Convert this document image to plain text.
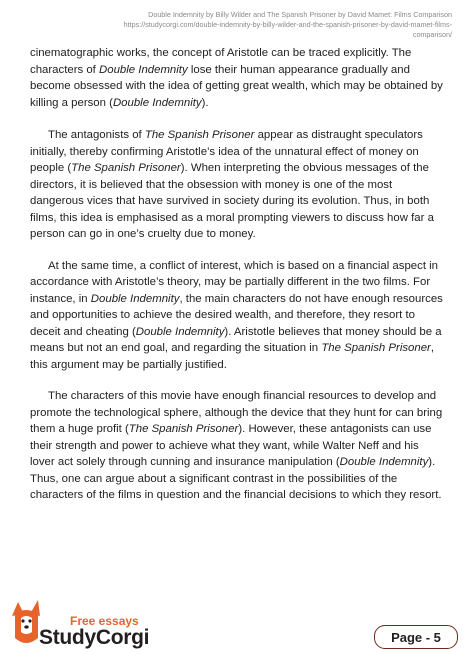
Double Indemnity by Billy Wilder and The Spanish Prisoner by David Mamet: Films Comparison
https://studycorgi.com/double-indemnity-by-billy-wilder-and-the-spanish-prisoner-by-david-mamet-films-
comparison/

cinematographic works, the concept of Aristotle can be traced explicitly. The characters of Double Indemnity lose their human appearance gradually and become obsessed with the idea of getting great wealth, which may be obtained by killing a person (Double Indemnity).

The antagonists of The Spanish Prisoner appear as distraught speculators initially, thereby confirming Aristotle’s idea of the unnatural effect of money on people (The Spanish Prisoner). When interpreting the obvious messages of the directors, it is believed that the obsession with money is one of the most dangerous vices that have survived in society during its evolution. Thus, in both films, this idea is emphasised as a moral prompting viewers to discuss how far a person can go in one’s cruelty due to money.

At the same time, a conflict of interest, which is based on a financial aspect in accordance with Aristotle’s theory, may be partially different in the two films. For instance, in Double Indemnity, the main characters do not have enough resources and opportunities to achieve the desired wealth, and therefore, they resort to deceit and cheating (Double Indemnity). Aristotle believes that money should be a means but not an end goal, and regarding the situation in The Spanish Prisoner, this argument may be partially justified.

The characters of this movie have enough financial resources to develop and promote the technological sphere, although the device that they hunt for can bring them a huge profit (The Spanish Prisoner). However, these antagonists can use their strength and power to achieve what they want, while Walter Neff and his lover act solely through cunning and insurance manipulation (Double Indemnity). Thus, one can argue about a significant contrast in the possibilities of the characters of the films in question and the financial decisions to which they resort.

Free essays
StudyCorgi	Page - 5
